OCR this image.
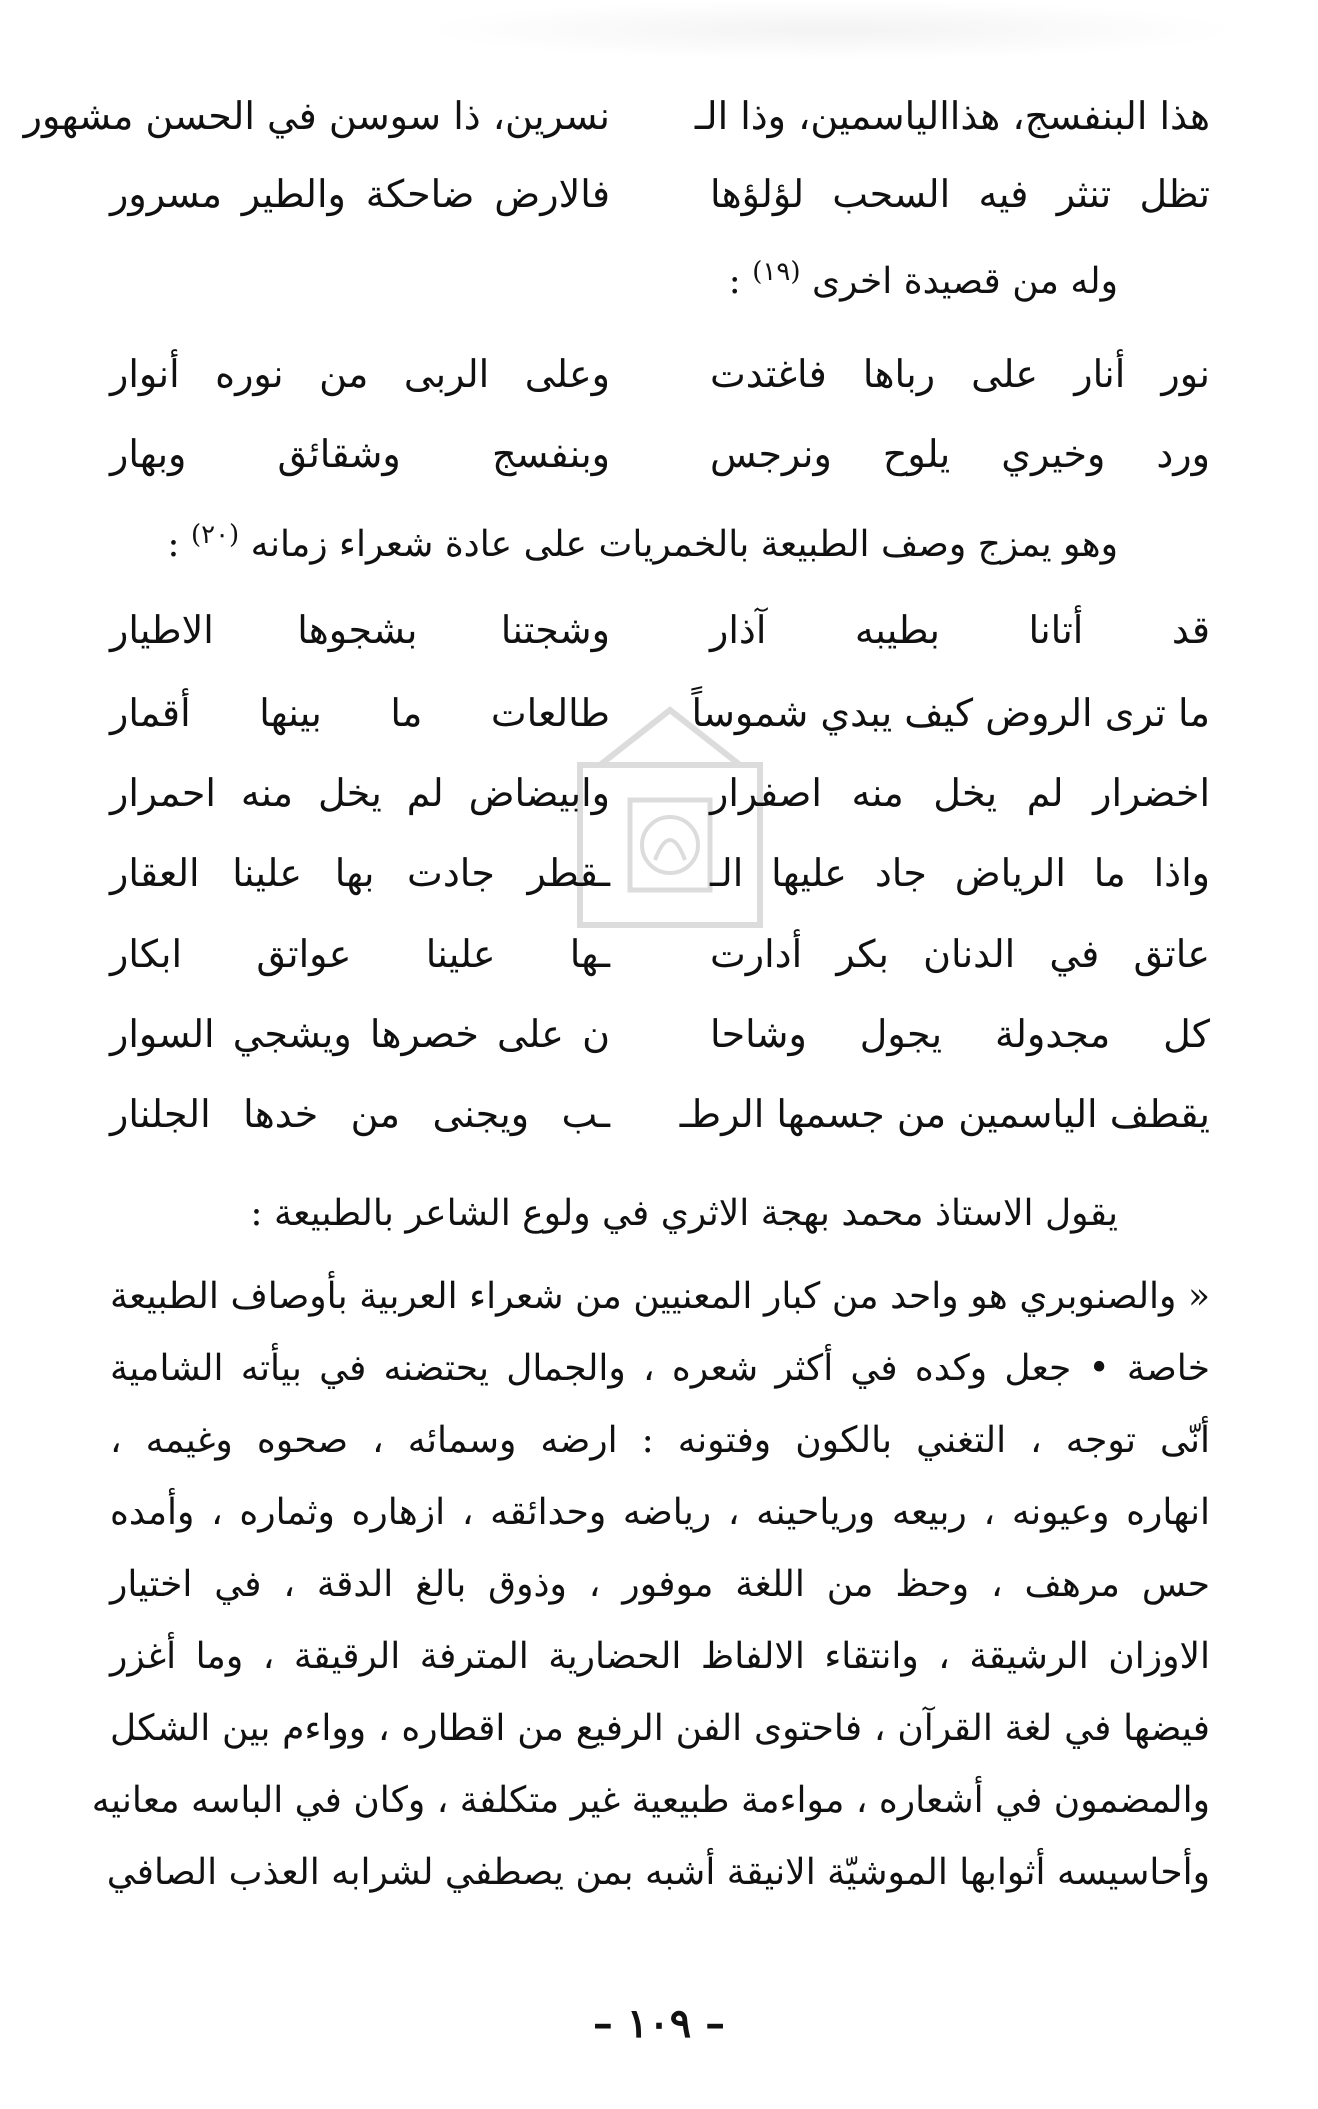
هذا البنفسج، هذاالياسمين، وذا الـ
نسرين، ذا سوسن في الحسن مشهور
تظل تنثر فيه السحب لؤلؤها
فالارض ضاحكة والطير مسرور
وله من قصيدة اخرى $^{(١٩)}$ :
نور أنار على رباها فاغتدت
وعلى الربى من نوره أنوار
ورد وخيري يلوح ونرجس
وبنفسج وشقائق وبهار
وهو يمزج وصف الطبيعة بالخمريات على عادة شعراء زمانه $^{(٢٠)}$ :
قد أتانا بطيبه آذار
وشجتنا بشجوها الاطيار
ما ترى الروض كيف يبدي شموساً
طالعات ما بينها أقمار
اخضرار لم يخل منه اصفرار
وابيضاض لم يخل منه احمرار
واذا ما الرياض جاد عليها الـ
ـقطر جادت بها علينا العقار
عاتق في الدنان بكر أدارت
ـها علينا عواتق ابكار
كل مجدولة يجول وشاحا
ن على خصرها ويشجي السوار
يقطف الياسمين من جسمها الرطـ
ـب ويجنى من خدها الجلنار
يقول الاستاذ محمد بهجة الاثري في ولوع الشاعر بالطبيعة :
« والصنوبري هو واحد من كبار المعنيين من شعراء العربية بأوصاف الطبيعة
خاصة • جعل وكده في أكثر شعره ، والجمال يحتضنه في بيأته الشامية
أنّى توجه ، التغني بالكون وفتونه : ارضه وسمائه ، صحوه وغيمه ،
انهاره وعيونه ، ربيعه ورياحينه ، رياضه وحدائقه ، ازهاره وثماره ، وأمده
حس مرهف ، وحظ من اللغة موفور ، وذوق بالغ الدقة ، في اختيار
الاوزان الرشيقة ، وانتقاء الالفاظ الحضارية المترفة الرقيقة ، وما أغزر
فيضها في لغة القرآن ، فاحتوى الفن الرفيع من اقطاره ، وواءم بين الشكل
والمضمون في أشعاره ، مواءمة طبيعية غير متكلفة ، وكان في الباسه معانيه
وأحاسيسه أثوابها الموشيّة الانيقة أشبه بمن يصطفي لشرابه العذب الصافي
– ١٠٩ –
